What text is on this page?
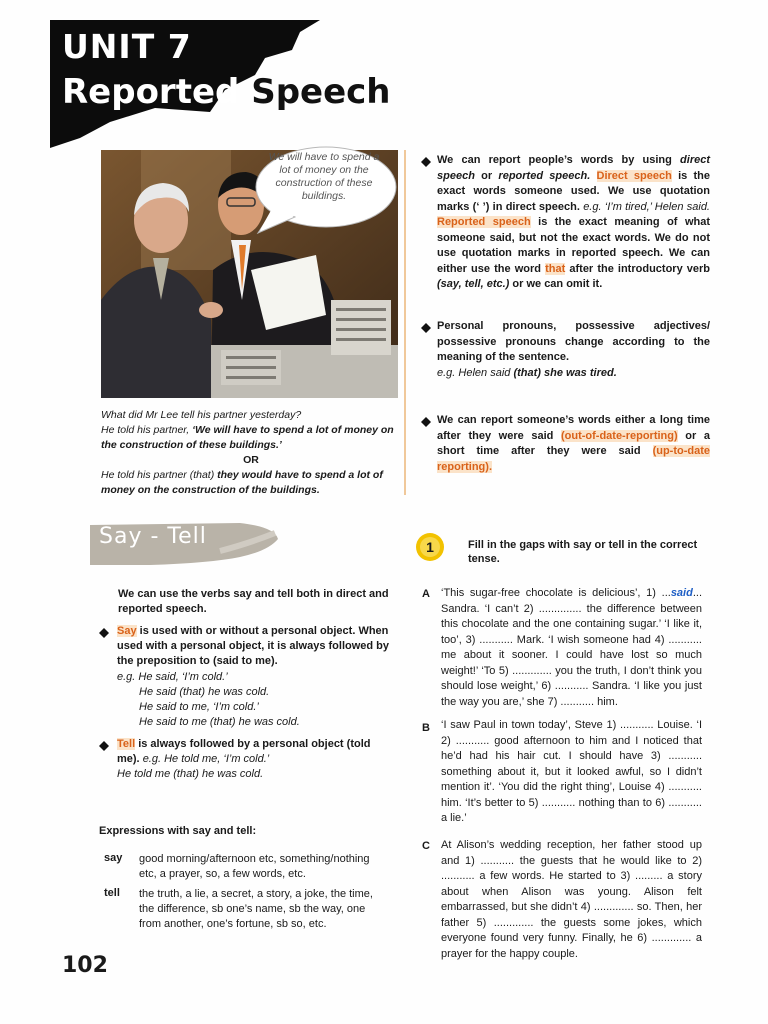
UNIT 7
Reported Speech
We will have to spend a lot of money on the construction of these buildings.
What did Mr Lee tell his partner yesterday?
He told his partner, ‘We will have to spend a lot of money on the construction of these buildings.’
OR
He told his partner (that) they would have to spend a lot of money on the construction of the buildings.
We can report people’s words by using direct speech or reported speech. Direct speech is the exact words someone used. We use quotation marks (‘ ’) in direct speech. e.g. ‘I’m tired,’ Helen said. Reported speech is the exact meaning of what someone said, but not the exact words. We do not use quotation marks in reported speech. We can either use the word that after the introductory verb (say, tell, etc.) or we can omit it.
Personal pronouns, possessive adjectives/ possessive pronouns change according to the meaning of the sentence.
e.g. Helen said (that) she was tired.
We can report someone’s words either a long time after they were said (out-of-date-reporting) or a short time after they were said (up-to-date reporting).
Say - Tell
We can use the verbs say and tell both in direct and reported speech.
Say is used with or without a personal object. When used with a personal object, it is always followed by the preposition to (said to me).
e.g. He said, ‘I’m cold.’
He said (that) he was cold.
He said to me, ‘I’m cold.’
He said to me (that) he was cold.
Tell is always followed by a personal object (told me). e.g. He told me, ‘I’m cold.’
He told me (that) he was cold.
Expressions with say and tell:
say good morning/afternoon etc, something/nothing etc, a prayer, so, a few words, etc.
tell the truth, a lie, a secret, a story, a joke, the time, the difference, sb one’s name, sb the way, one from another, one’s fortune, sb so, etc.
1	Fill in the gaps with say or tell in the correct tense.
A ‘This sugar-free chocolate is delicious’, 1) ...said... Sandra. ‘I can’t 2) .............. the difference between this chocolate and the one containing sugar.’ ‘I like it, too’, 3) ........... Mark. ‘I wish someone had 4) ........... me about it sooner. I could have lost so much weight!’ ‘To 5) ............. you the truth, I don’t think you should lose weight,’ 6) ........... Sandra. ‘I like you just the way you are,’ she 7) ........... him.
B ‘I saw Paul in town today’, Steve 1) ........... Louise. ‘I 2) ........... good afternoon to him and I noticed that he’d had his hair cut. I should have 3) ........... something about it, but it looked awful, so I didn’t mention it’. ‘You did the right thing’, Louise 4) ........... him. ‘It’s better to 5) ........... nothing than to 6) ........... a lie.’
C At Alison’s wedding reception, her father stood up and 1) ........... the guests that he would like to 2) ........... a few words. He started to 3) ......... a story about when Alison was young. Alison felt embarrassed, but she didn’t 4) ............. so. Then, her father 5) ............. the guests some jokes, which everyone found very funny. Finally, he 6) ............. a prayer for the happy couple.
102
